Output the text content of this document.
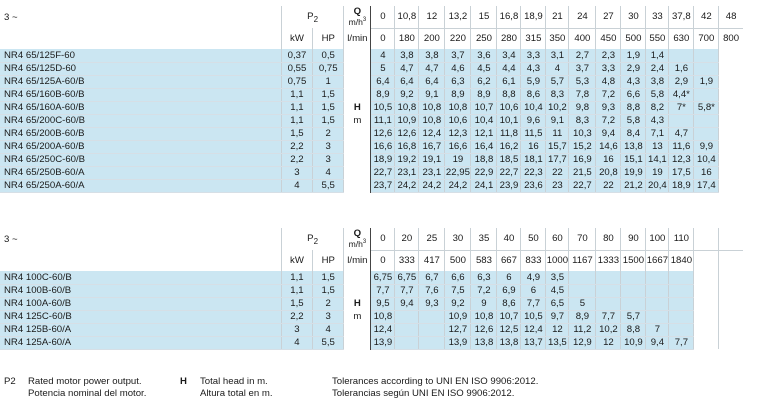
3 ~	$P_2$		Q
$m/h^3$	0	10,8	12	13,2	15	16,8	18,9	21	24	27	30	33	37,8	42	48
	kW	HP	l/min	0	180	200	220	250	280	315	350	400	450	500	550	630	700	800
NR4 65/125F-60	0,37	0,5		4	3,8	3,8	3,7	3,6	3,4	3,3	3,1	2,7	2,3	1,9	1,4			
NR4 65/125D-60	0,55	0,75		5	4,7	4,7	4,6	4,5	4,4	4,3	4	3,7	3,3	2,9	2,4	1,6		
NR4 65/125A-60/B	0,75	1		6,4	6,4	6,4	6,3	6,2	6,1	5,9	5,7	5,3	4,8	4,3	3,8	2,9	1,9	
NR4 65/160B-60/B	1,1	1,5		8,9	9,2	9,1	8,9	8,9	8,8	8,6	8,3	7,8	7,2	6,6	5,8	4,4*		
NR4 65/160A-60/B	1,1	1,5	H	10,5	10,8	10,8	10,8	10,7	10,6	10,4	10,2	9,8	9,3	8,8	8,2	7*	5,8*	
NR4 65/200C-60/B	1,1	1,5	m	11,1	10,9	10,8	10,6	10,4	10,1	9,6	9,1	8,3	7,2	5,8	4,3			
NR4 65/200B-60/B	1,5	2		12,6	12,6	12,4	12,3	12,1	11,8	11,5	11	10,3	9,4	8,4	7,1	4,7		
NR4 65/200A-60/B	2,2	3		16,6	16,8	16,7	16,6	16,4	16,2	16	15,7	15,2	14,6	13,8	13	11,6	9,9	
NR4 65/250C-60/B	2,2	3		18,9	19,2	19,1	19	18,8	18,5	18,1	17,7	16,9	16	15,1	14,1	12,3	10,4	
NR4 65/250B-60/A	3	4		22,7	23,1	23,1	22,95	22,9	22,7	22,3	22	21,5	20,8	19,9	19	17,5	16	
NR4 65/250A-60/A	4	5,5		23,7	24,2	24,2	24,2	24,1	23,9	23,6	23	22,7	22	21,2	20,4	18,9	17,4	
3 ~	$P_2$		Q
$m/h^3$	0	20	25	30	35	40	50	60	70	80	90	100	110		
	kW	HP	l/min	0	333	417	500	583	667	833	1000	1167	1333	1500	1667	1840		
NR4 100C-60/B	1,1	1,5		6,75	6,75	6,7	6,6	6,3	6	4,9	3,5							
NR4 100B-60/B	1,1	1,5		7,7	7,7	7,6	7,5	7,2	6,9	6	4,5							
NR4 100A-60/B	1,5	2	H	9,5	9,4	9,3	9,2	9	8,6	7,7	6,5	5						
NR4 125C-60/B	2,2	3	m	10,8			10,9	10,8	10,7	10,5	9,7	8,9	7,7	5,7				
NR4 125B-60/A	3	4		12,4			12,7	12,6	12,5	12,4	12	11,2	10,2	8,8	7			
NR4 125A-60/A	4	5,5		13,9			13,9	13,8	13,8	13,7	13,5	12,9	12	10,9	9,4	7,7		
P2 Rated motor power output.
Potencia nominal del motor.
H Total head in m.
Altura total en m.
Tolerances according to UNI EN ISO 9906:2012.
Tolerancias según UNI EN ISO 9906:2012.
